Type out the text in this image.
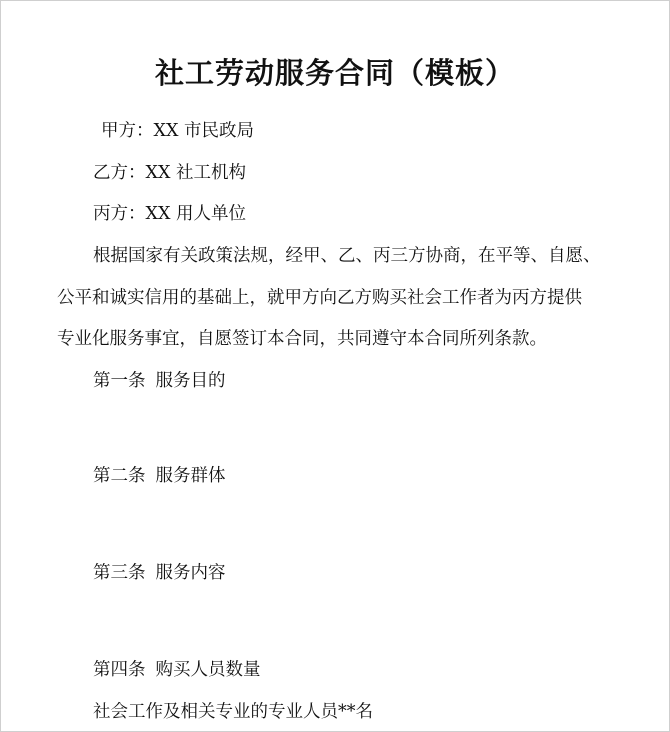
社工劳动服务合同（模板）
甲方：XX 市民政局
乙方：XX 社工机构
丙方：XX 用人单位
根据国家有关政策法规，经甲、乙、丙三方协商，在平等、自愿、
公平和诚实信用的基础上，就甲方向乙方购买社会工作者为丙方提供
专业化服务事宜，自愿签订本合同，共同遵守本合同所列条款。
第一条 服务目的
第二条 服务群体
第三条 服务内容
第四条 购买人员数量
社会工作及相关专业的专业人员**名
